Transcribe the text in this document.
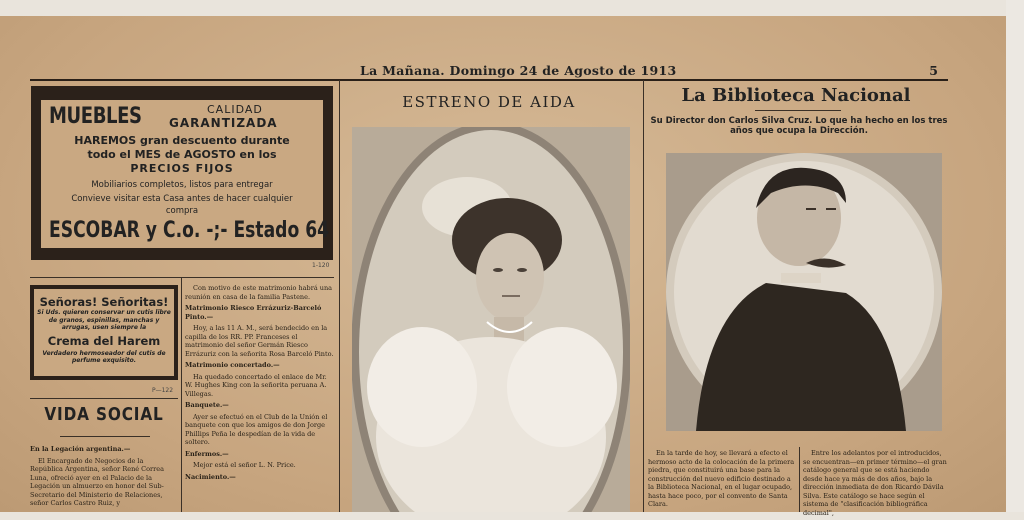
La Mañana. Domingo 24 de Agosto de 1913	5
MUEBLES	CALIDAD
GARANTIZADA
HAREMOS gran descuento durante
todo el MES de AGOSTO en los
PRECIOS FIJOS
Mobiliarios completos, listos para entregar
Convieve visitar esta Casa antes de hacer cualquier
compra
ESCOBAR y C.o. -;- Estado 64
1-120
Señoras! Señoritas!
Si Uds. quieren conservar un cutis libre de granos, espinillas, manchas y arrugas, usen siempre la
Crema del Harem
Verdadero hermoseador del cutis de perfume exquisito.
P—122
VIDA SOCIAL

En la Legación argentina.—

El Encargado de Negocios de la República Argentina, señor René Correa Luna, ofreció ayer en el Palacio de la Legación un almuerzo en honor del Sub-Secretario del Ministerio de Relaciones, señor Carlos Castro Ruiz, y

Con motivo de este matrimonio habrá una reunión en casa de la familia Pastene.

Matrimonio Riesco Errázuriz-Barceló Pinto.—

Hoy, a las 11 A. M., será bendecido en la capilla de los RR. PP. Franceses el matrimonio del señor Germán Riesco Errázuriz con la señorita Rosa Barceló Pinto.

Matrimonio concertado.—

Ha quedado concertado el enlace de Mr. W. Hughes King con la señorita peruana A. Villegas.

Banquete.—

Ayer se efectuó en el Club de la Unión el banquete con que los amigos de don Jorge Phillips Peña le despedían de la vida de soltero.

Enfermos.—

Mejor está el señor L. N. Price.

Nacimiento.—

ESTRENO DE AIDA	La Biblioteca Nacional
Su Director don Carlos Silva Cruz. Lo que ha hecho en los tres años que ocupa la Dirección.

En la tarde de hoy, se llevará a efecto el hermoso acto de la colocación de la primera piedra, que constituirá una base para la construcción del nuevo edificio destinado a la Biblioteca Nacional, en el lugar ocupado, hasta hace poco, por el convento de Santa Clara.

Entre los adelantos por el introducidos, se encuentran—en primer término—el gran catálogo general que se está haciendo desde hace ya más de dos años, bajo la dirección inmediata de don Ricardo Dávila Silva. Este catálogo se hace según el sistema de "clasificación bibliográfica decimal",
